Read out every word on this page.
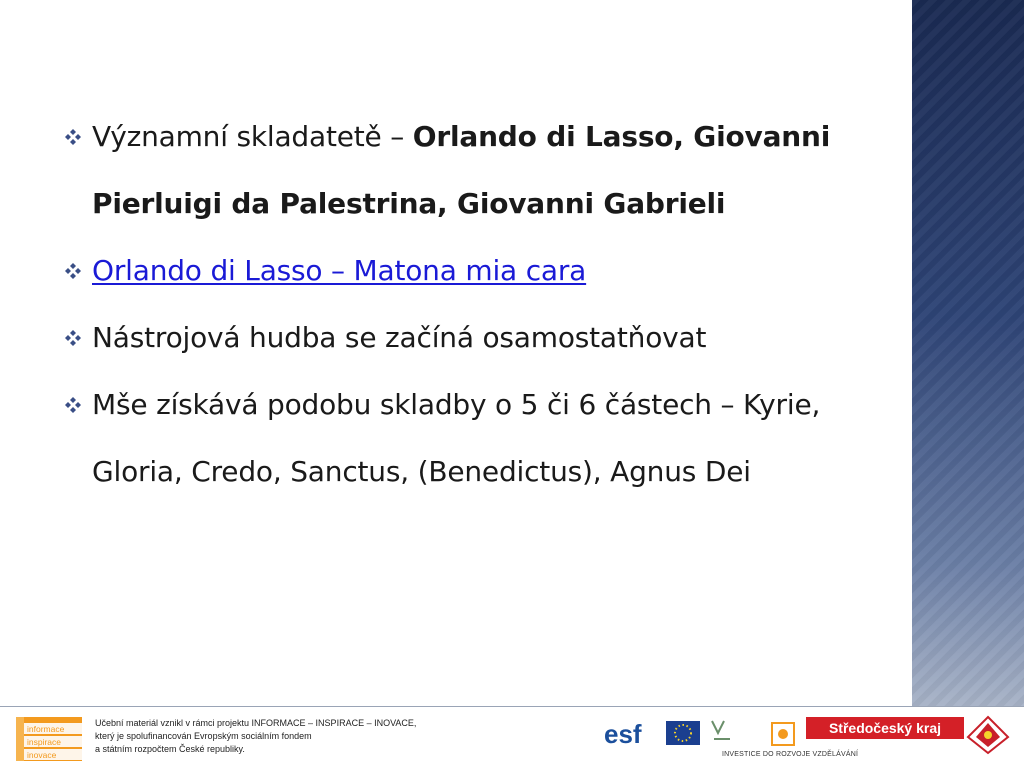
Významní skladatetě – Orlando di Lasso, Giovanni Pierluigi da Palestrina, Giovanni Gabrieli
Orlando di Lasso – Matona mia cara
Nástrojová hudba se začíná osamostatňovat
Mše získává podobu skladby o 5 či 6 částech – Kyrie, Gloria, Credo, Sanctus, (Benedictus), Agnus Dei
informace
inspirace
inovace
Učební materiál vznikl v rámci projektu INFORMACE – INSPIRACE – INOVACE,
který je spolufinancován Evropským sociálním fondem
a státním rozpočtem České republiky.	esf	Středočeský kraj
INVESTICE DO ROZVOJE VZDĚLÁVÁNÍ
